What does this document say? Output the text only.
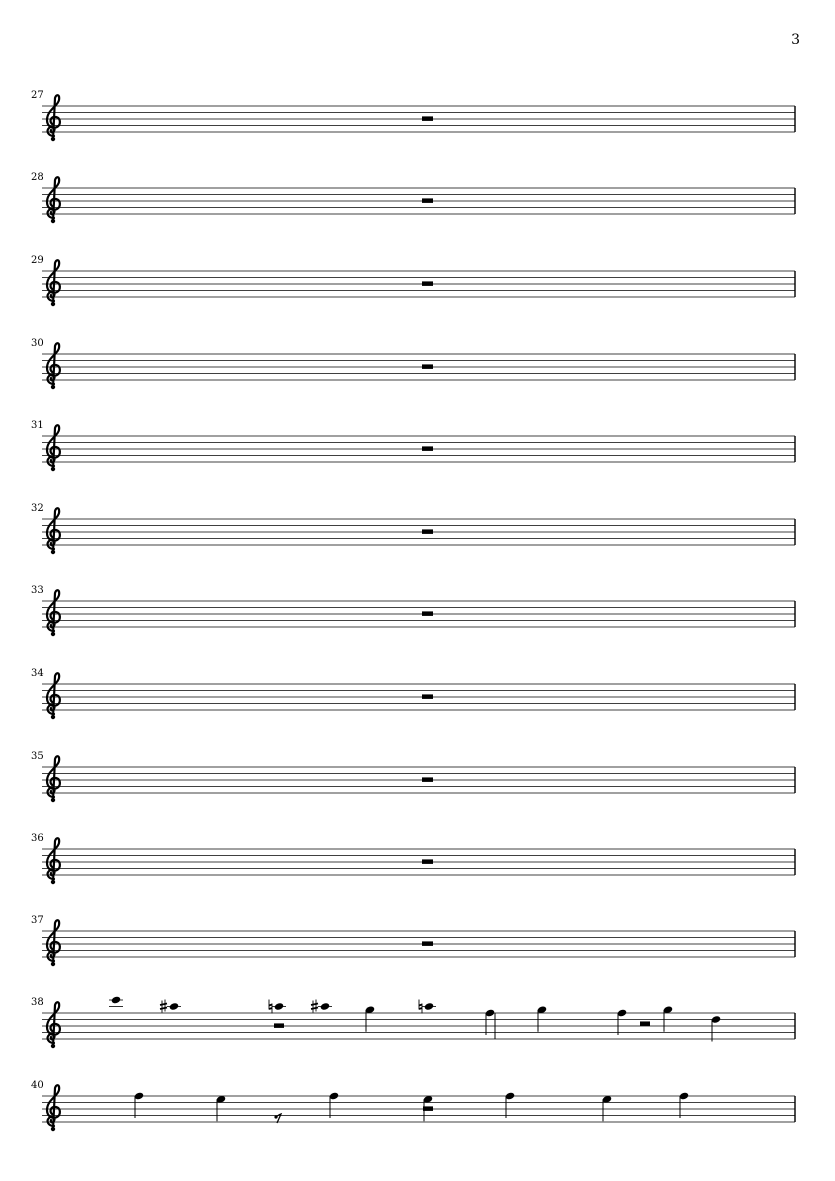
3
27
28
29
30
31
32
33
34
35
36
37
38
40
